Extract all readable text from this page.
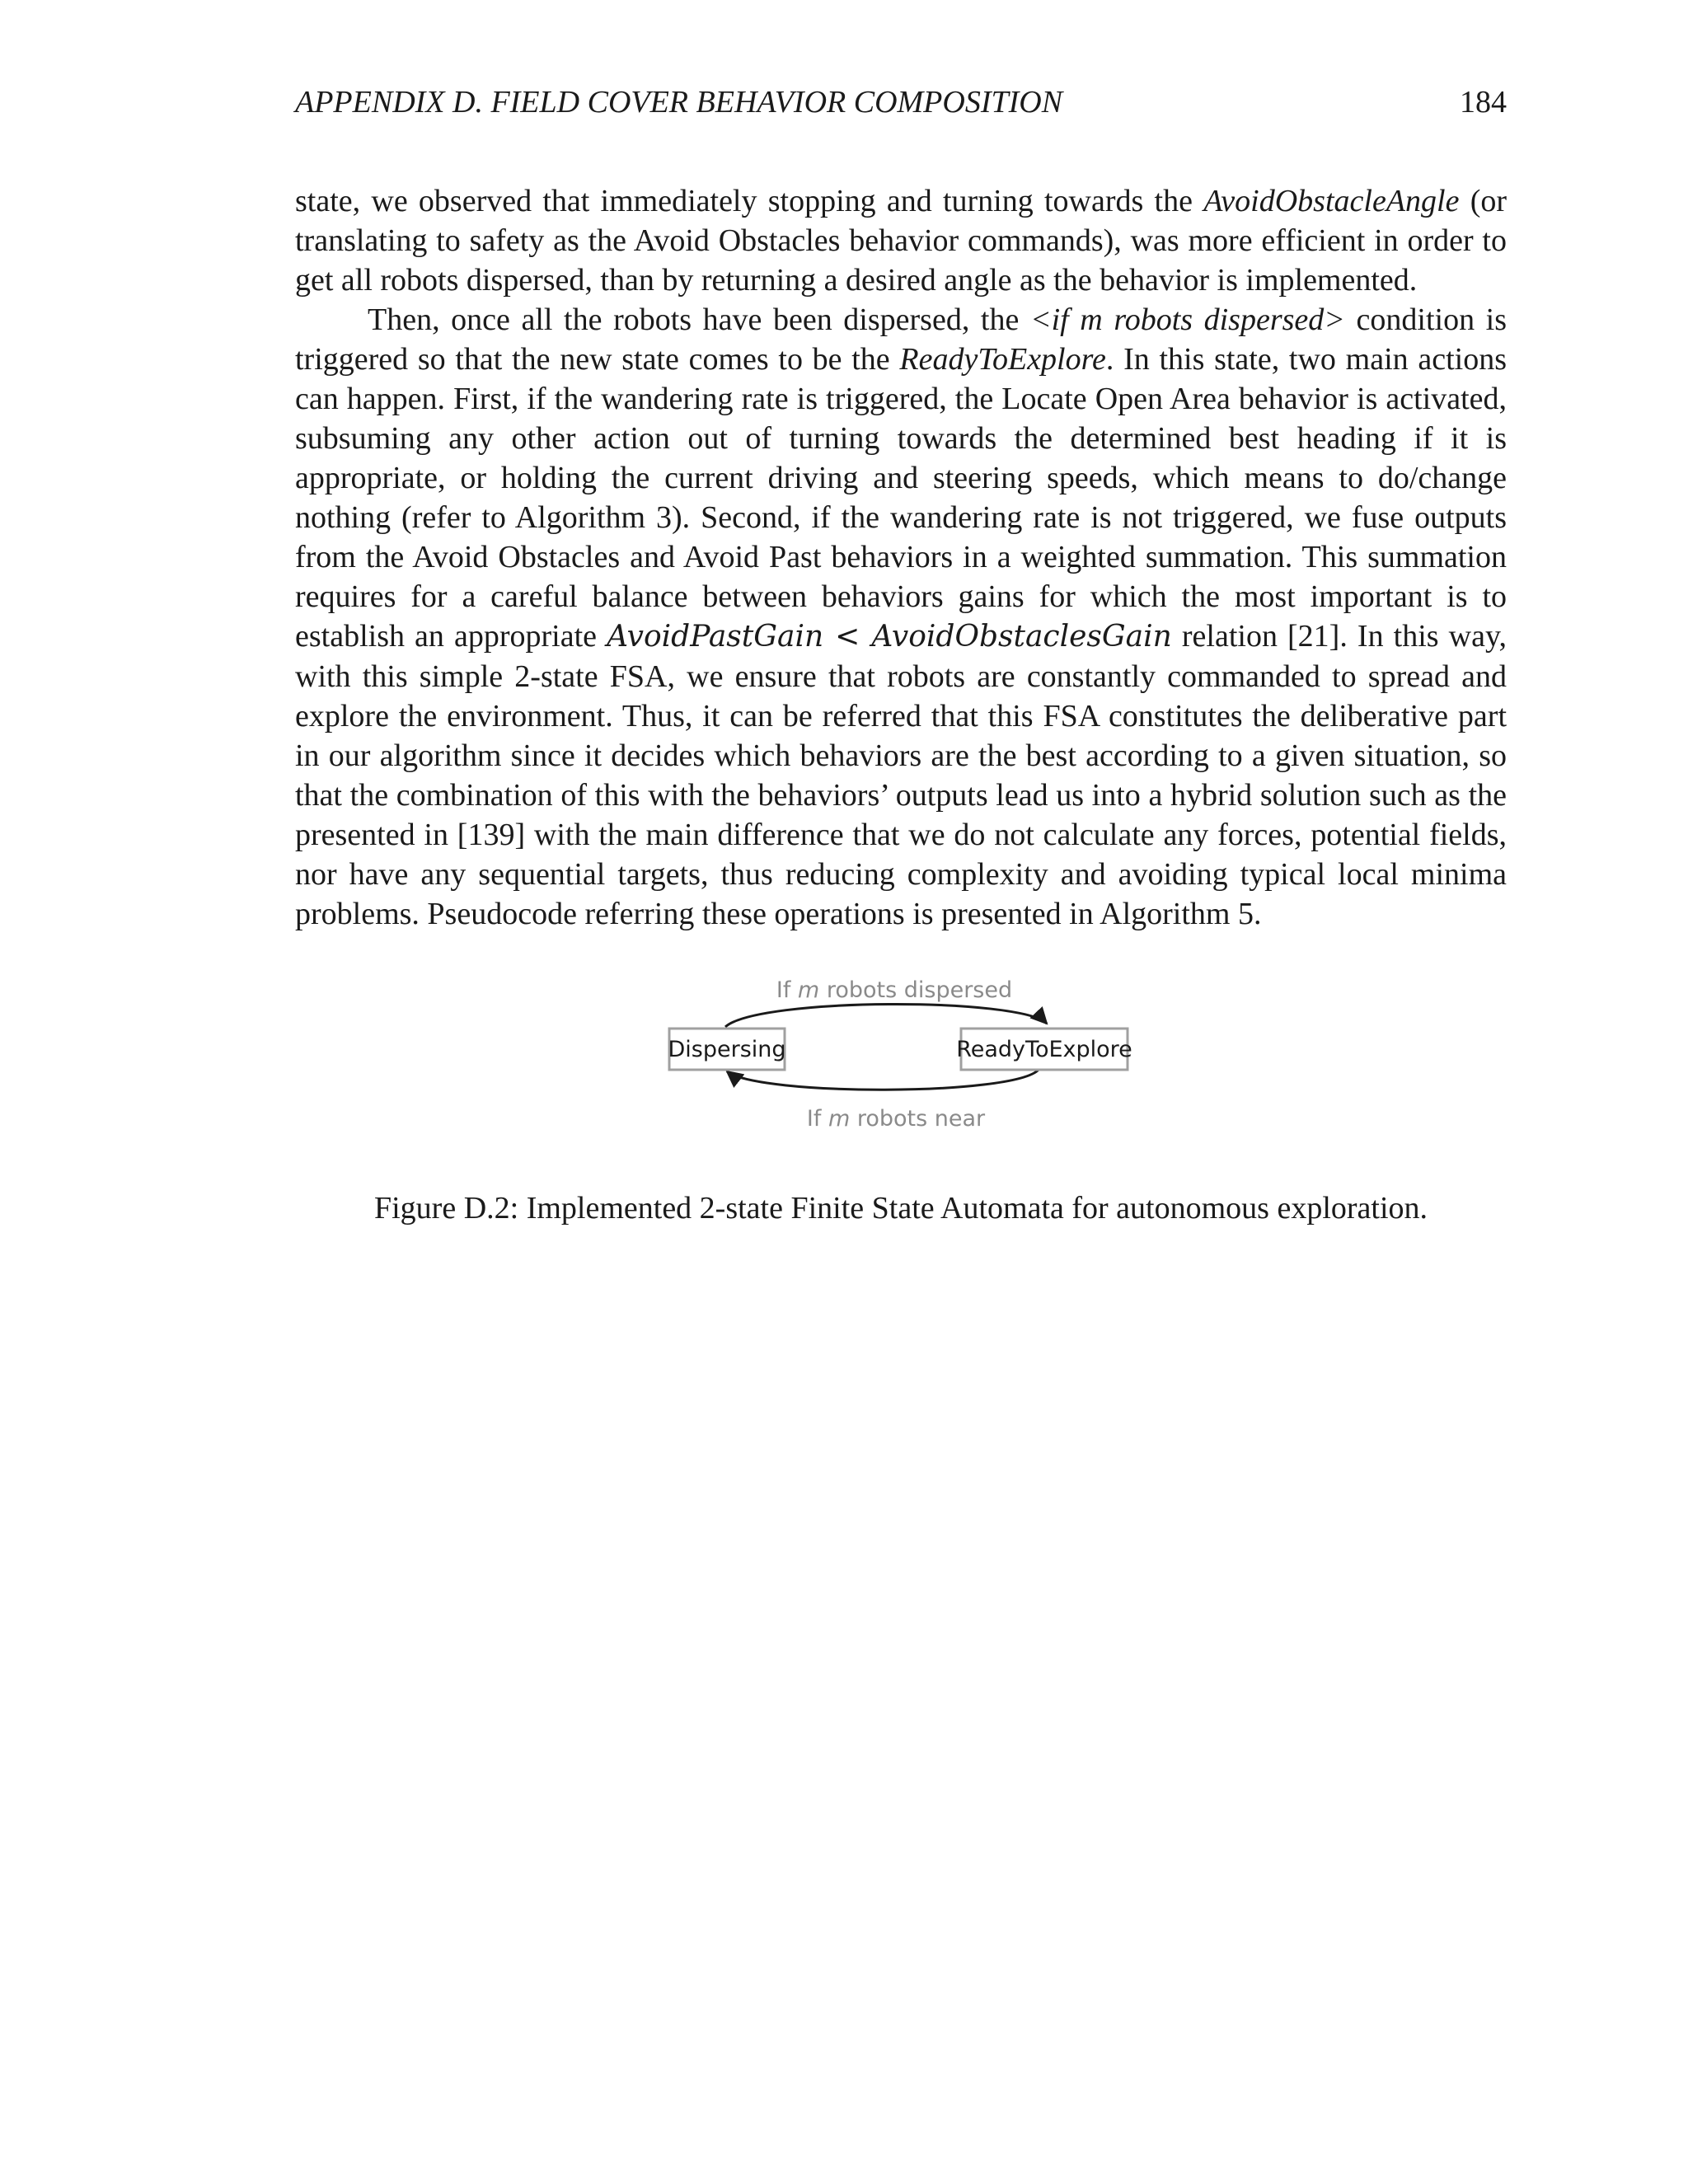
APPENDIX D. FIELD COVER BEHAVIOR COMPOSITION	184

state, we observed that immediately stopping and turning towards the AvoidObstacleAngle (or translating to safety as the Avoid Obstacles behavior commands), was more efficient in order to get all robots dispersed, than by returning a desired angle as the behavior is implemented.

Then, once all the robots have been dispersed, the <if m robots dispersed> condition is triggered so that the new state comes to be the ReadyToExplore. In this state, two main actions can happen. First, if the wandering rate is triggered, the Locate Open Area behavior is activated, subsuming any other action out of turning towards the determined best heading if it is appropriate, or holding the current driving and steering speeds, which means to do/change nothing (refer to Algorithm 3). Second, if the wandering rate is not triggered, we fuse outputs from the Avoid Obstacles and Avoid Past behaviors in a weighted summation. This summation requires for a careful balance between behaviors gains for which the most important is to establish an appropriate AvoidPastGain < AvoidObstaclesGain relation [21]. In this way, with this simple 2-state FSA, we ensure that robots are constantly commanded to spread and explore the environment. Thus, it can be referred that this FSA constitutes the deliberative part in our algorithm since it decides which behaviors are the best according to a given situation, so that the combination of this with the behaviors’ outputs lead us into a hybrid solution such as the presented in [139] with the main difference that we do not calculate any forces, potential fields, nor have any sequential targets, thus reducing complexity and avoiding typical local minima problems. Pseudocode referring these operations is presented in Algorithm 5.

If m robots dispersed
If m robots near
Dispersing	ReadyToExplore
Figure D.2: Implemented 2-state Finite State Automata for autonomous exploration.
